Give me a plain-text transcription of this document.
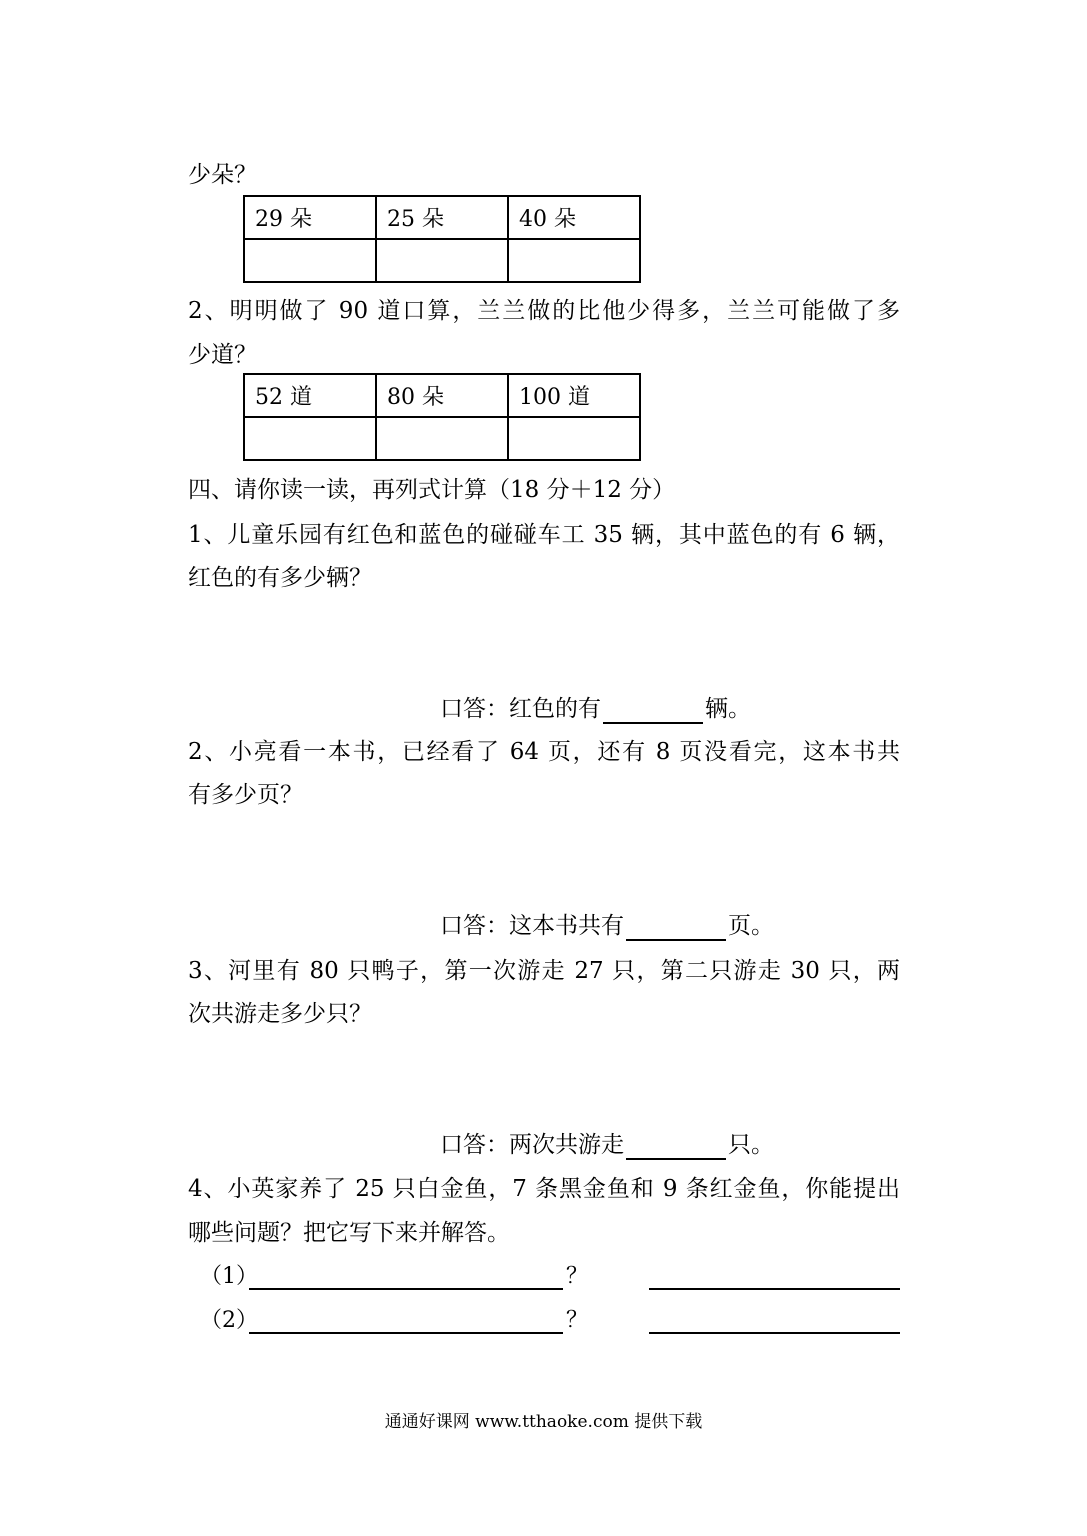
少朵？
29 朵	25 朵	40 朵

2、明明做了 90 道口算，兰兰做的比他少得多，兰兰可能做了多
少道？
52 道	80 朵	100 道

四、请你读一读，再列式计算（18 分＋12 分）
1、儿童乐园有红色和蓝色的碰碰车工 35 辆，其中蓝色的有 6 辆，
红色的有多少辆？
口答：红色的有	辆。
2、小亮看一本书，已经看了 64 页，还有 8 页没看完，这本书共
有多少页？
口答：这本书共有	页。
3、河里有 80 只鸭子，第一次游走 27 只，第二只游走 30 只，两
次共游走多少只？
口答：两次共游走	只。
4、小英家养了 25 只白金鱼，7 条黑金鱼和 9 条红金鱼，你能提出
哪些问题？把它写下来并解答。
（1）	？
（2）	？
通通好课网 www.tthaoke.com 提供下载
